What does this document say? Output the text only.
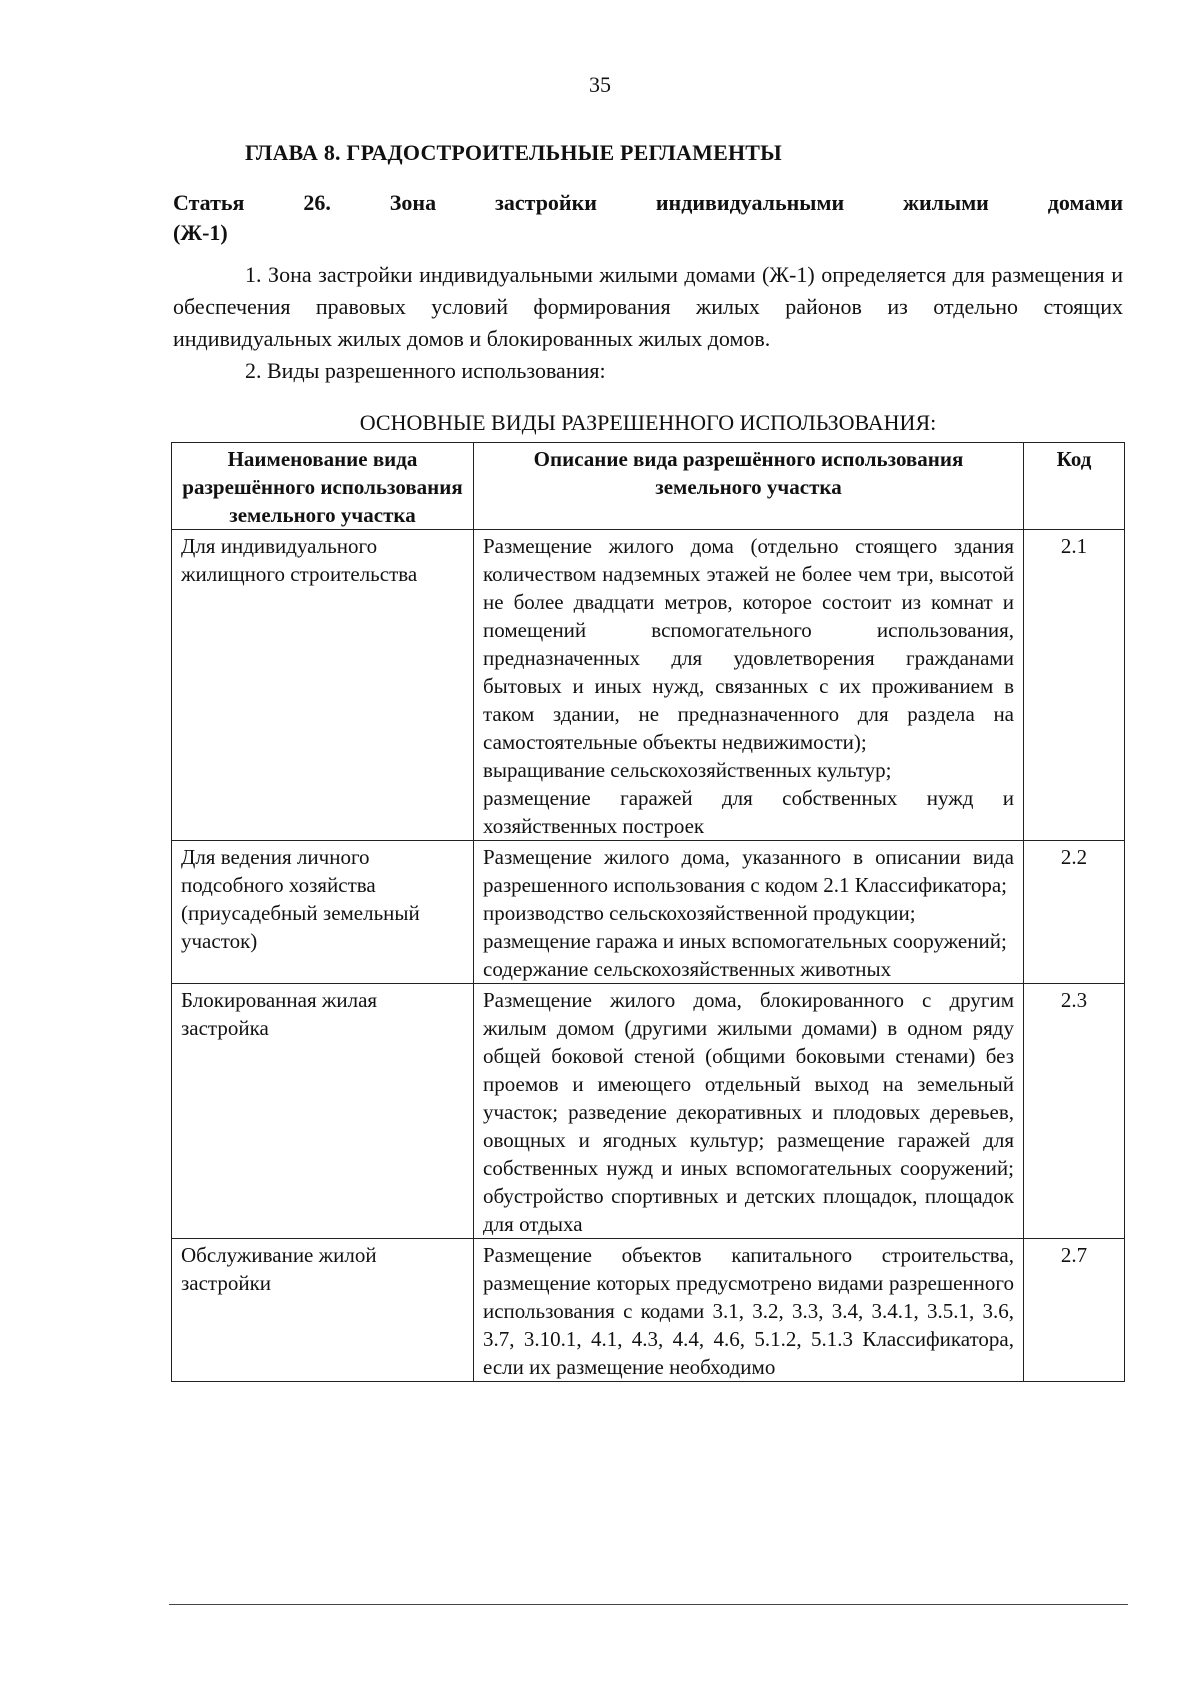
35
ГЛАВА 8. ГРАДОСТРОИТЕЛЬНЫЕ РЕГЛАМЕНТЫ
Статья 26. Зона застройки индивидуальными жилыми домами
(Ж-1)
1. Зона застройки индивидуальными жилыми домами (Ж-1) определяется для размещения и обеспечения правовых условий формирования жилых районов из отдельно стоящих индивидуальных жилых домов и блокированных жилых домов.
2. Виды разрешенного использования:
ОСНОВНЫЕ ВИДЫ РАЗРЕШЕННОГО ИСПОЛЬЗОВАНИЯ:
Наименование вида разрешённого использования земельного участка	Описание вида разрешённого использования земельного участка	Код
Для индивидуального жилищного строительства	Размещение жилого дома (отдельно стоящего здания количеством надземных этажей не более чем три, высотой не более двадцати метров, которое состоит из комнат и помещений вспомогательного использования, предназначенных для удовлетворения гражданами бытовых и иных нужд, связанных с их проживанием в таком здании, не предназначенного для раздела на самостоятельные объекты недвижимости);
выращивание сельскохозяйственных культур;
размещение гаражей для собственных нужд и хозяйственных построек	2.1
Для ведения личного подсобного хозяйства (приусадебный земельный участок)	Размещение жилого дома, указанного в описании вида разрешенного использования с кодом 2.1 Классификатора;
производство сельскохозяйственной продукции;
размещение гаража и иных вспомогательных сооружений;
содержание сельскохозяйственных животных	2.2
Блокированная жилая застройка	Размещение жилого дома, блокированного с другим жилым домом (другими жилыми домами) в одном ряду общей боковой стеной (общими боковыми стенами) без проемов и имеющего отдельный выход на земельный участок; разведение декоративных и плодовых деревьев, овощных и ягодных культур; размещение гаражей для собственных нужд и иных вспомогательных сооружений; обустройство спортивных и детских площадок, площадок для отдыха	2.3
Обслуживание жилой застройки	Размещение объектов капитального строительства, размещение которых предусмотрено видами разрешенного использования с кодами 3.1, 3.2, 3.3, 3.4, 3.4.1, 3.5.1, 3.6, 3.7, 3.10.1, 4.1, 4.3, 4.4, 4.6, 5.1.2, 5.1.3 Классификатора, если их размещение необходимо	2.7
